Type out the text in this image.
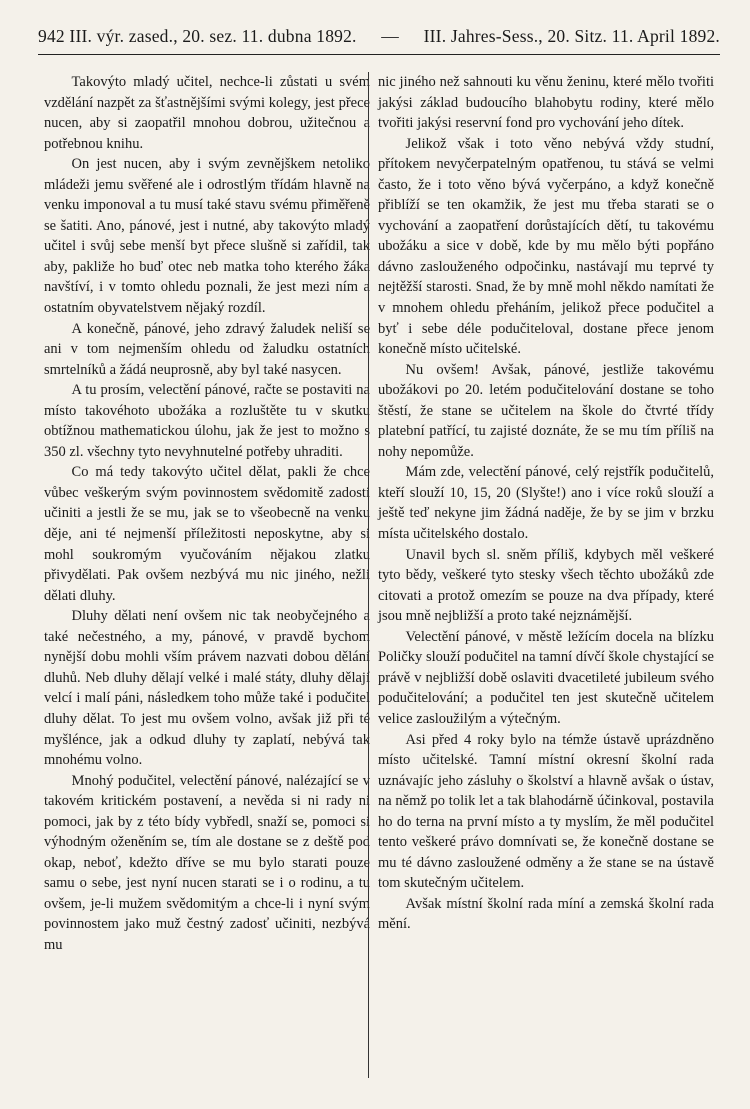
942 III. výr. zased., 20. sez. 11. dubna 1892. — III. Jahres-Sess., 20. Sitz. 11. April 1892.

Takovýto mladý učitel, nechce-li zůstati u svém vzdělání nazpět za šťastnějšími svými kolegy, jest přece nucen, aby si zaopatřil mnohou dobrou, užitečnou a potřebnou knihu.

On jest nucen, aby i svým zevnějškem netoliko mládeži jemu svěřené ale i odrostlým třídám hlavně na venku imponoval a tu musí také stavu svému přiměřeně se šatiti. Ano, pánové, jest i nutné, aby takovýto mladý učitel i svůj sebe menší byt přece slušně si zařídil, tak aby, pakliže ho buď otec neb matka toho kterého žáka navštíví, i v tomto ohledu poznali, že jest mezi ním a ostatním obyvatelstvem nějaký rozdíl.

A konečně, pánové, jeho zdravý žaludek neliší se ani v tom nejmenším ohledu od žaludku ostatních smrtelníků a žádá neuprosně, aby byl také nasycen.

A tu prosím, velectění pánové, račte se postaviti na místo takovéhoto ubožáka a rozluštěte tu v skutku obtížnou mathematickou úlohu, jak že jest to možno s 350 zl. všechny tyto nevyhnutelné potřeby uhraditi.

Co má tedy takovýto učitel dělat, pakli že chce vůbec veškerým svým povinnostem svědomitě zadosti učiniti a jestli že se mu, jak se to všeobecně na venku děje, ani té nejmenší příležitosti neposkytne, aby si mohl soukromým vyučováním nějakou zlatku přivydělati. Pak ovšem nezbývá mu nic jiného, nežli dělati dluhy.

Dluhy dělati není ovšem nic tak neobyčejného a také nečestného, a my, pánové, v pravdě bychom nynější dobu mohli vším právem nazvati dobou dělání dluhů. Neb dluhy dělají velké i malé státy, dluhy dělají velcí i malí páni, následkem toho může také i podučitel dluhy dělat. To jest mu ovšem volno, avšak již při té myšlénce, jak a odkud dluhy ty zaplatí, nebývá tak mnohému volno.

Mnohý podučitel, velectění pánové, nalézající se v takovém kritickém postavení, a nevěda si ni rady ni pomoci, jak by z této bídy vybředl, snaží se, pomoci si výhodným oženěním se, tím ale dostane se z deště pod okap, neboť, kdežto dříve se mu bylo starati pouze samu o sebe, jest nyní nucen starati se i o rodinu, a tu ovšem, je-li mužem svědomitým a chce-li i nyní svým povinnostem jako muž čestný zadosť učiniti, nezbývá mu

nic jiného než sahnouti ku věnu ženinu, které mělo tvořiti jakýsi základ budoucího blahobytu rodiny, které mělo tvořiti jakýsi reservní fond pro vychování jeho dítek.

Jelikož však i toto věno nebývá vždy studní, přítokem nevyčerpatelným opatřenou, tu stává se velmi často, že i toto věno bývá vyčerpáno, a když konečně přiblíží se ten okamžik, že jest mu třeba starati se o vychování a zaopatření dorůstajících dětí, tu takovému ubožáku a sice v době, kde by mu mělo býti popřáno dávno zaslouženého odpočinku, nastávají mu teprvé ty nejtěžší starosti. Snad, že by mně mohl někdo namítati že v mnohem ohledu přeháním, jelikož přece podučitel a byť i sebe déle podučiteloval, dostane přece jenom konečně místo učitelské.

Nu ovšem! Avšak, pánové, jestliže takovému ubožákovi po 20. letém podučitelování dostane se toho štěstí, že stane se učitelem na škole do čtvrté třídy platební patřící, tu zajisté doznáte, že se mu tím příliš na nohy nepomůže.

Mám zde, velectění pánové, celý rejstřík podučitelů, kteří slouží 10, 15, 20 (Slyšte!) ano i více roků slouží a ještě teď nekyne jim žádná naděje, že by se jim v brzku místa učitelského dostalo.

Unavil bych sl. sněm příliš, kdybych měl veškeré tyto bědy, veškeré tyto stesky všech těchto ubožáků zde citovati a protož omezím se pouze na dva případy, které jsou mně nejbližší a proto také nejznámější.

Velectění pánové, v městě ležícím docela na blízku Poličky slouží podučitel na tamní dívčí škole chystající se právě v nejbližší době oslaviti dvacetileté jubileum svého podučitelování; a podučitel ten jest skutečně učitelem velice zasloužilým a výtečným.

Asi před 4 roky bylo na témže ústavě uprázdněno místo učitelské. Tamní místní okresní školní rada uznávajíc jeho zásluhy o školství a hlavně avšak o ústav, na němž po tolik let a tak blahodárně účinkoval, postavila ho do terna na první místo a ty myslím, že měl podučitel tento veškeré právo domnívati se, že konečně dostane se mu té dávno zasloužené odměny a že stane se na ústavě tom skutečným učitelem.

Avšak místní školní rada míní a zemská školní rada mění.
